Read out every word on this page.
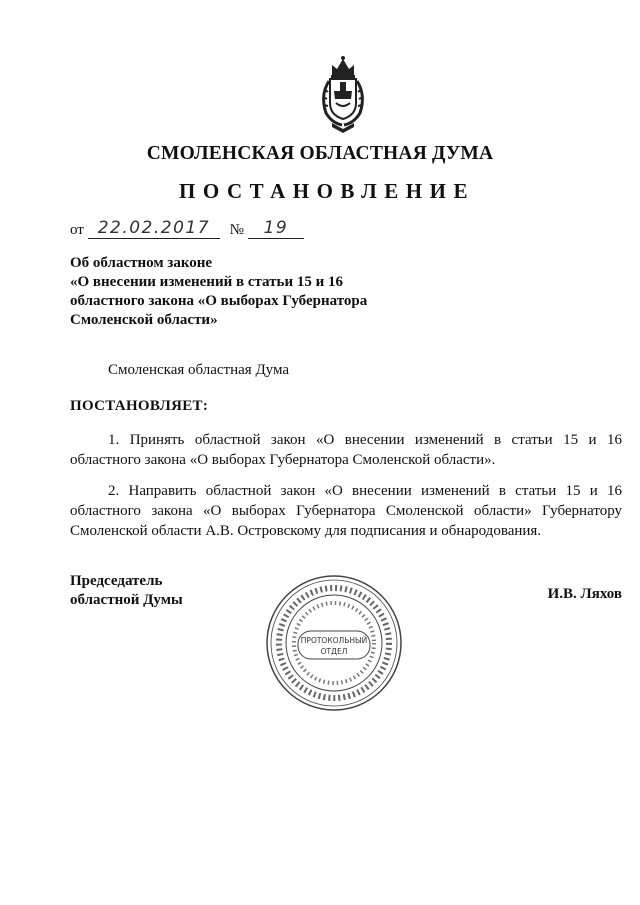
СМОЛЕНСКАЯ ОБЛАСТНАЯ ДУМА
ПОСТАНОВЛЕНИЕ
от 22.02.2017 № 19
Об областном законе
«О внесении изменений в статьи 15 и 16
областного закона «О выборах Губернатора
Смоленской области»
Смоленская областная Дума
ПОСТАНОВЛЯЕТ:
1. Принять областной закон «О внесении изменений в статьи 15 и 16
областного закона «О выборах Губернатора Смоленской области».
2. Направить областной закон «О внесении изменений в статьи 15 и 16
областного закона «О выборах Губернатора Смоленской области» Губернатору
Смоленской области А.В. Островскому для подписания и обнародования.
Председатель
областной Думы
ПРОТОКОЛЬНЫЙ
ОТДЕЛ
И.В. Ляхов
